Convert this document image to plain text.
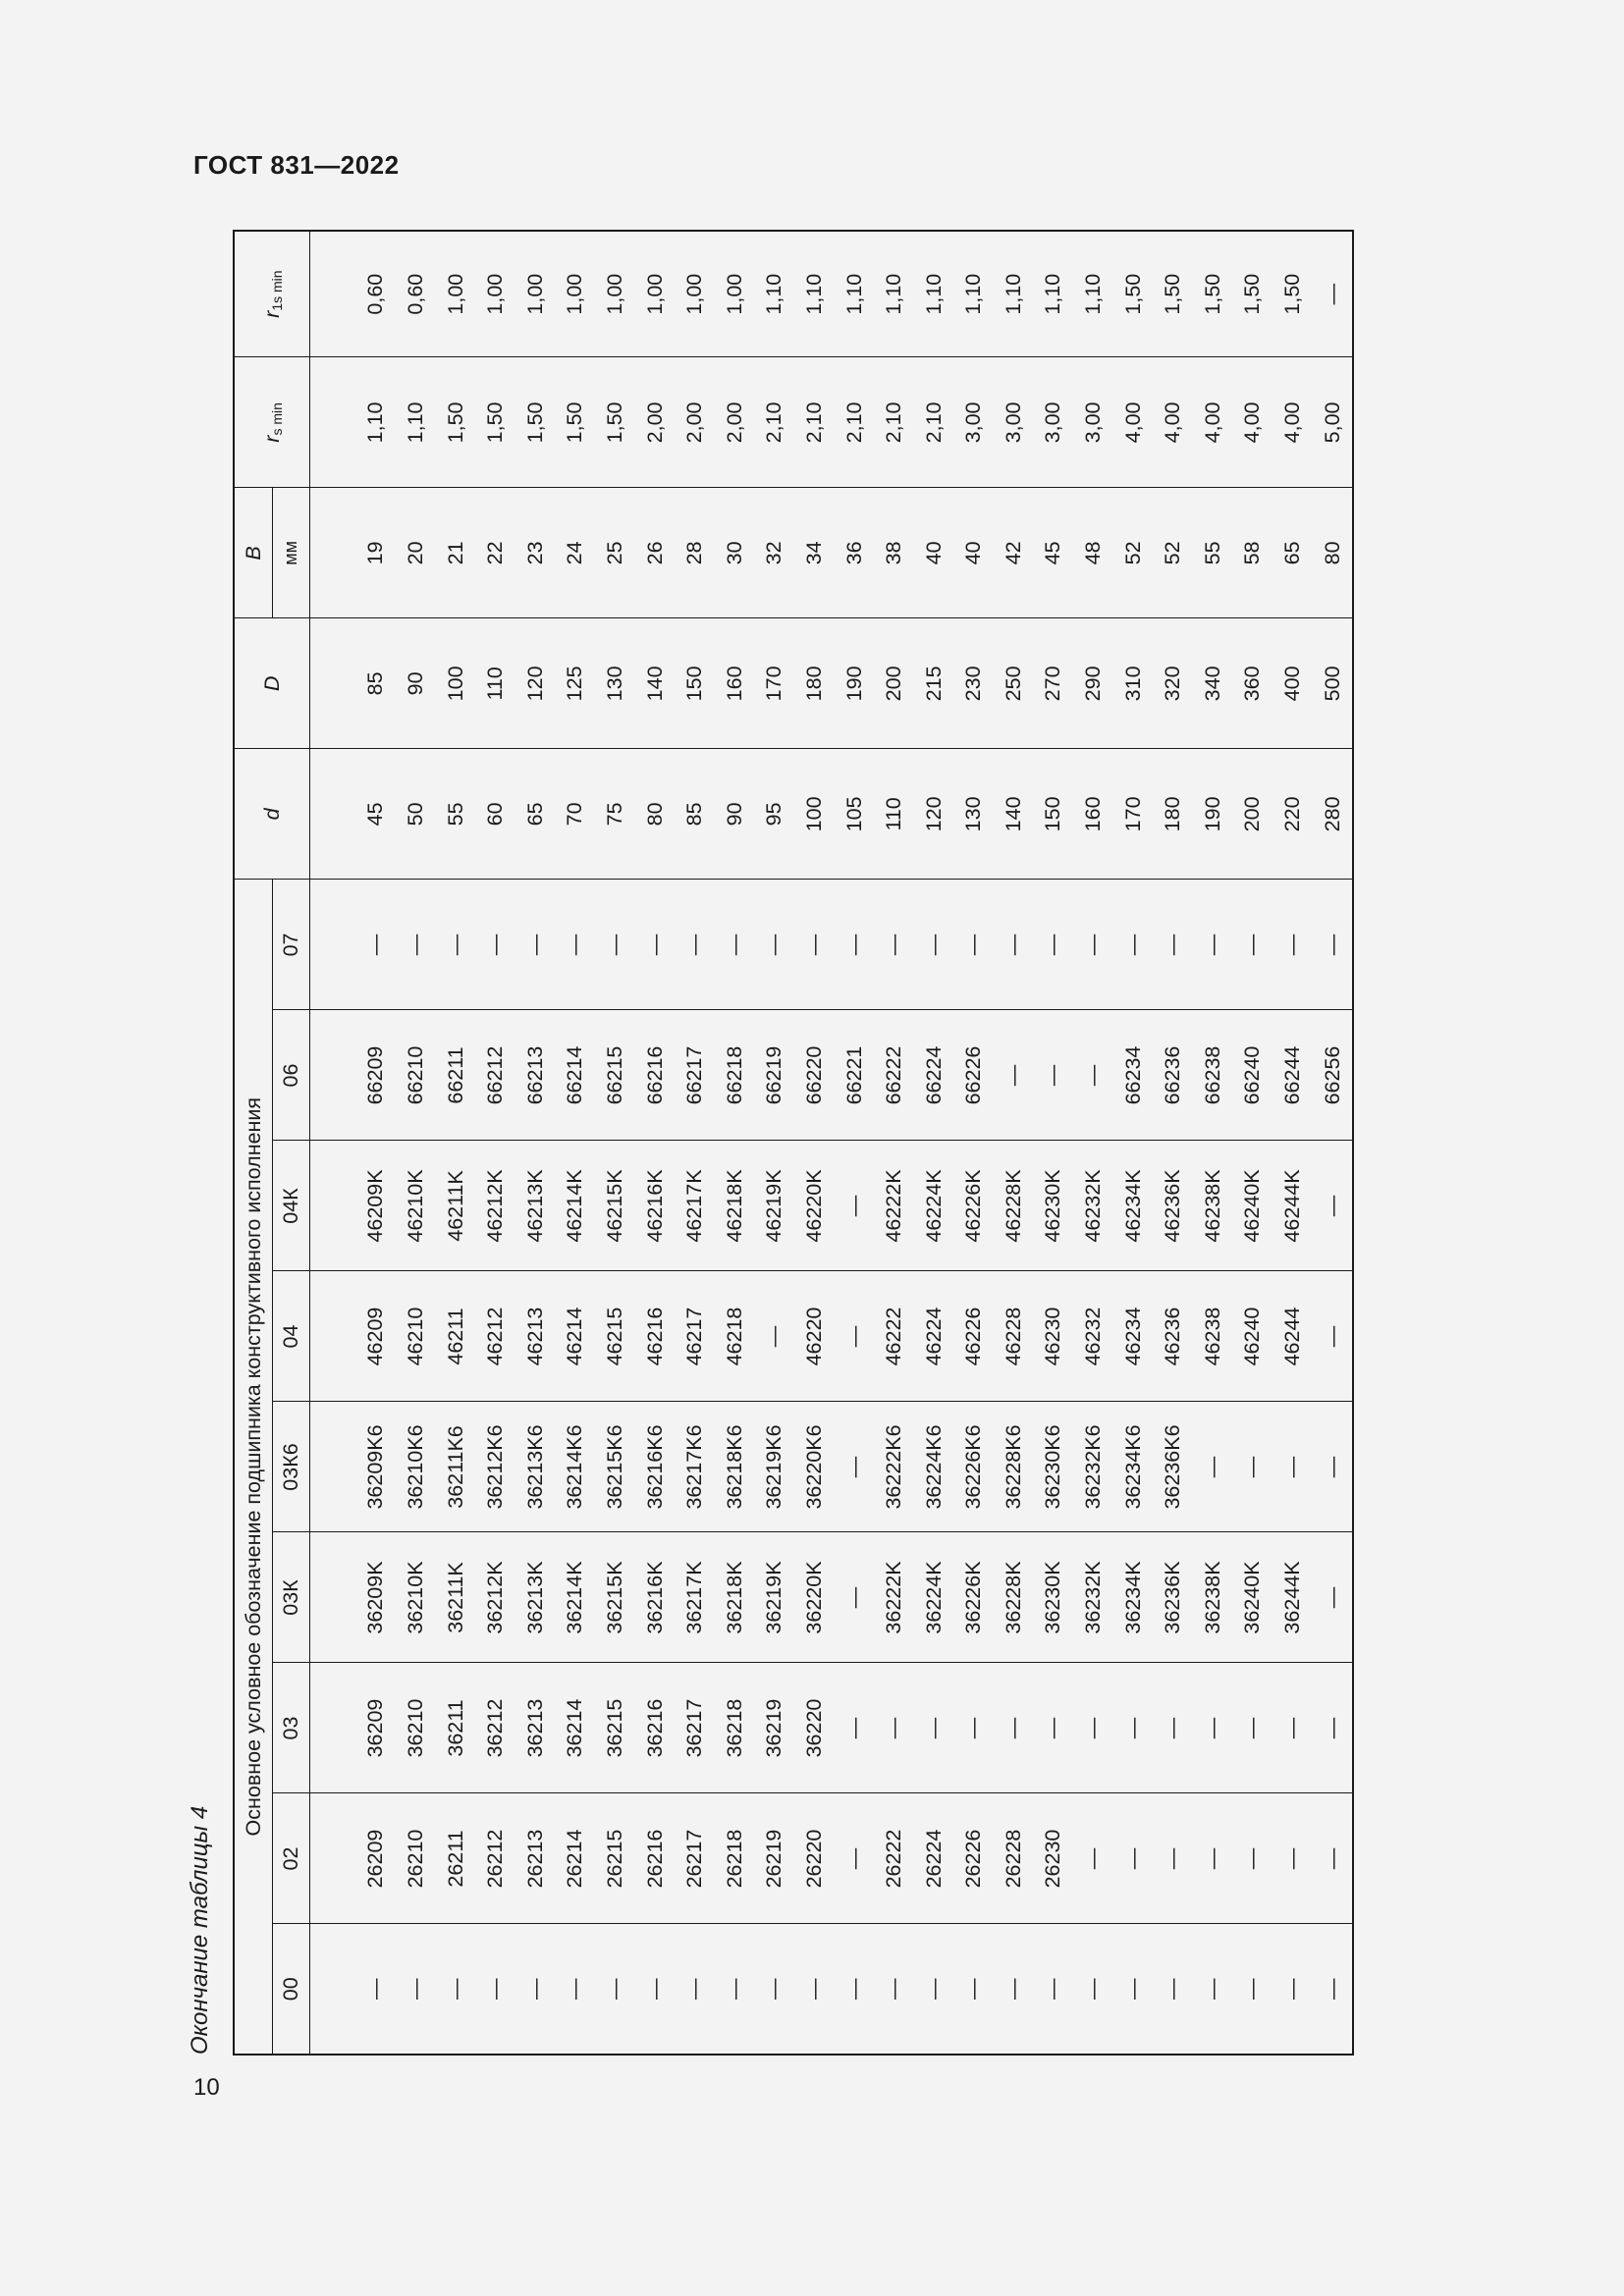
ГОСТ 831—2022
Окончание таблицы 4
Основное условное обозначение подшипника конструктивного исполнения									d	D	B	$r_{s min}$	$r_{1s min}$
00	02	03	03К	03К6	04	04К	06	07			мм		

—	26209	36209	36209K	36209K6	46209	46209K	66209	—	45	85	19	1,10	0,60
—	26210	36210	36210K	36210K6	46210	46210K	66210	—	50	90	20	1,10	0,60
—	26211	36211	36211K	36211K6	46211	46211K	66211	—	55	100	21	1,50	1,00
—	26212	36212	36212K	36212K6	46212	46212K	66212	—	60	110	22	1,50	1,00
—	26213	36213	36213K	36213K6	46213	46213K	66213	—	65	120	23	1,50	1,00
—	26214	36214	36214K	36214K6	46214	46214K	66214	—	70	125	24	1,50	1,00
—	26215	36215	36215K	36215K6	46215	46215K	66215	—	75	130	25	1,50	1,00
—	26216	36216	36216K	36216K6	46216	46216K	66216	—	80	140	26	2,00	1,00
—	26217	36217	36217K	36217K6	46217	46217K	66217	—	85	150	28	2,00	1,00
—	26218	36218	36218K	36218K6	46218	46218K	66218	—	90	160	30	2,00	1,00
—	26219	36219	36219K	36219K6	—	46219K	66219	—	95	170	32	2,10	1,10
—	26220	36220	36220K	36220K6	46220	46220K	66220	—	100	180	34	2,10	1,10
—	—	—	—	—	—	—	66221	—	105	190	36	2,10	1,10
—	26222	—	36222K	36222K6	46222	46222K	66222	—	110	200	38	2,10	1,10
—	26224	—	36224K	36224K6	46224	46224K	66224	—	120	215	40	2,10	1,10
—	26226	—	36226K	36226K6	46226	46226K	66226	—	130	230	40	3,00	1,10
—	26228	—	36228K	36228K6	46228	46228K	—	—	140	250	42	3,00	1,10
—	26230	—	36230K	36230K6	46230	46230K	—	—	150	270	45	3,00	1,10
—	—	—	36232K	36232K6	46232	46232K	—	—	160	290	48	3,00	1,10
—	—	—	36234K	36234K6	46234	46234K	66234	—	170	310	52	4,00	1,50
—	—	—	36236K	36236K6	46236	46236K	66236	—	180	320	52	4,00	1,50
—	—	—	36238K	—	46238	46238K	66238	—	190	340	55	4,00	1,50
—	—	—	36240K	—	46240	46240K	66240	—	200	360	58	4,00	1,50
—	—	—	36244K	—	46244	46244K	66244	—	220	400	65	4,00	1,50
—	—	—	—	—	—	—	66256	—	280	500	80	5,00	—
10
